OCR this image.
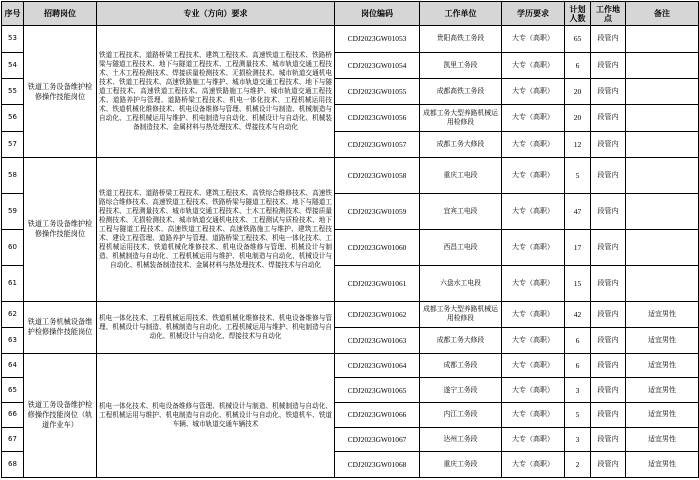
序号	招聘岗位	专业（方向）要求	岗位编码	工作单位	学历要求	计划人数	工作地点	备注
53	铁道工务设备维护检修操作技能岗位	铁道工程技术、道路桥梁工程技术、建筑工程技术、高速铁道工程技术、铁路桥梁与隧道工程技术、地下与隧道工程技术、工程测量技术、城市轨道交通工程技术、土木工程检测技术、焊接质量检测技术、无损检测技术、城市轨道交通机电技术、铁道工程技术、高速铁路施工与维护、城市轨道交通工程技术、地下与隧道工程技术、高速铁道工程技术、高速铁路施工与维护、城市轨道交通工程技术、道路养护与管理、道路桥梁工程技术、机电一体化技术、工程机械运用技术、铁道机械化维修技术、机电设备维修与管理、机械设计与制造、机械制造与自动化、工程机械运用与维护、机电制造与自动化、机械设计与自动化、机械装备制造技术、金属材料与热处理技术、焊接技术与自动化	CDJ2023GW01053	贵阳高铁工务段	大专（高职）	65	段管内	
54			CDJ2023GW01054	凯里工务段	大专（高职）	6	段管内	
55			CDJ2023GW01055	成都高铁工务段	大专（高职）	20	段管内	
56			CDJ2023GW01056	成都工务大型养路机械运用检修段	大专（高职）	20	段管内	
57			CDJ2023GW01057	成都工务大修段	大专（高职）	12	段管内	
58	铁道工务设备维护检修操作技能岗位	铁道工程技术、道路桥梁工程技术、建筑工程技术、高铁综合维修技术、高速铁路综合维修技术、高速铁道工程技术、铁路桥梁与隧道工程技术、地下与隧道工程技术、工程测量技术、城市轨道交通工程技术、土木工程检测技术、焊接质量检测技术、无损检测技术、城市轨道交通机电技术、工程测试与质检技术、地下工程与隧道工程技术、高速铁道工程技术、高速铁路施工与维护、建筑工程技术、建设工程管理、道路养护与管理、道路桥梁工程技术、机电一体化技术、工程机械运用技术、铁道机械化维修技术、机电设备维修与管理、机械设计与制造、机械制造与自动化、工程机械运用与维护、机电制造与自动化、机械设计与自动化、机械装备制造技术、金属材料与热处理技术、焊接技术与自动化	CDJ2023GW01058	重庆工电段	大专（高职）	5	段管内	
59			CDJ2023GW01059	宜宾工电段	大专（高职）	47	段管内	
60			CDJ2023GW01060	西昌工电段	大专（高职）	17	段管内	
61			CDJ2023GW01061	六盘水工电段	大专（高职）	15	段管内	
62	铁道工务机械设备维护检修操作技能岗位	机电一体化技术、工程机械运用技术、铁道机械化维修技术、机电设备维修与管理、机械设计与制造、机械制造与自动化、工程机械运用与维护、机电制造与自动化、机械设计与自动化、焊接技术与自动化	CDJ2023GW01062	成都工务大型养路机械运用检修段	大专（高职）	42	段管内	适宜男性
63			CDJ2023GW01063	成都工务大修段	大专（高职）	6	段管内	适宜男性
64	铁道工务设备维护检修操作技能岗位（轨道作业车）	机电一体化技术、机电设备维修与管理、机械设计与制造、机械制造与自动化、工程机械运用与维护、机电制造与自动化、机械设计与自动化、铁道机车、铁道车辆、城市轨道交通车辆技术	CDJ2023GW01064	成都工务段	大专（高职）	6	段管内	适宜男性
65			CDJ2023GW01065	遂宁工务段	大专（高职）	3	段管内	适宜男性
66			CDJ2023GW01066	内江工务段	大专（高职）	5	段管内	适宜男性
67			CDJ2023GW01067	达州工务段	大专（高职）	3	段管内	适宜男性
68			CDJ2023GW01068	重庆工务段	大专（高职）	2	段管内	适宜男性
